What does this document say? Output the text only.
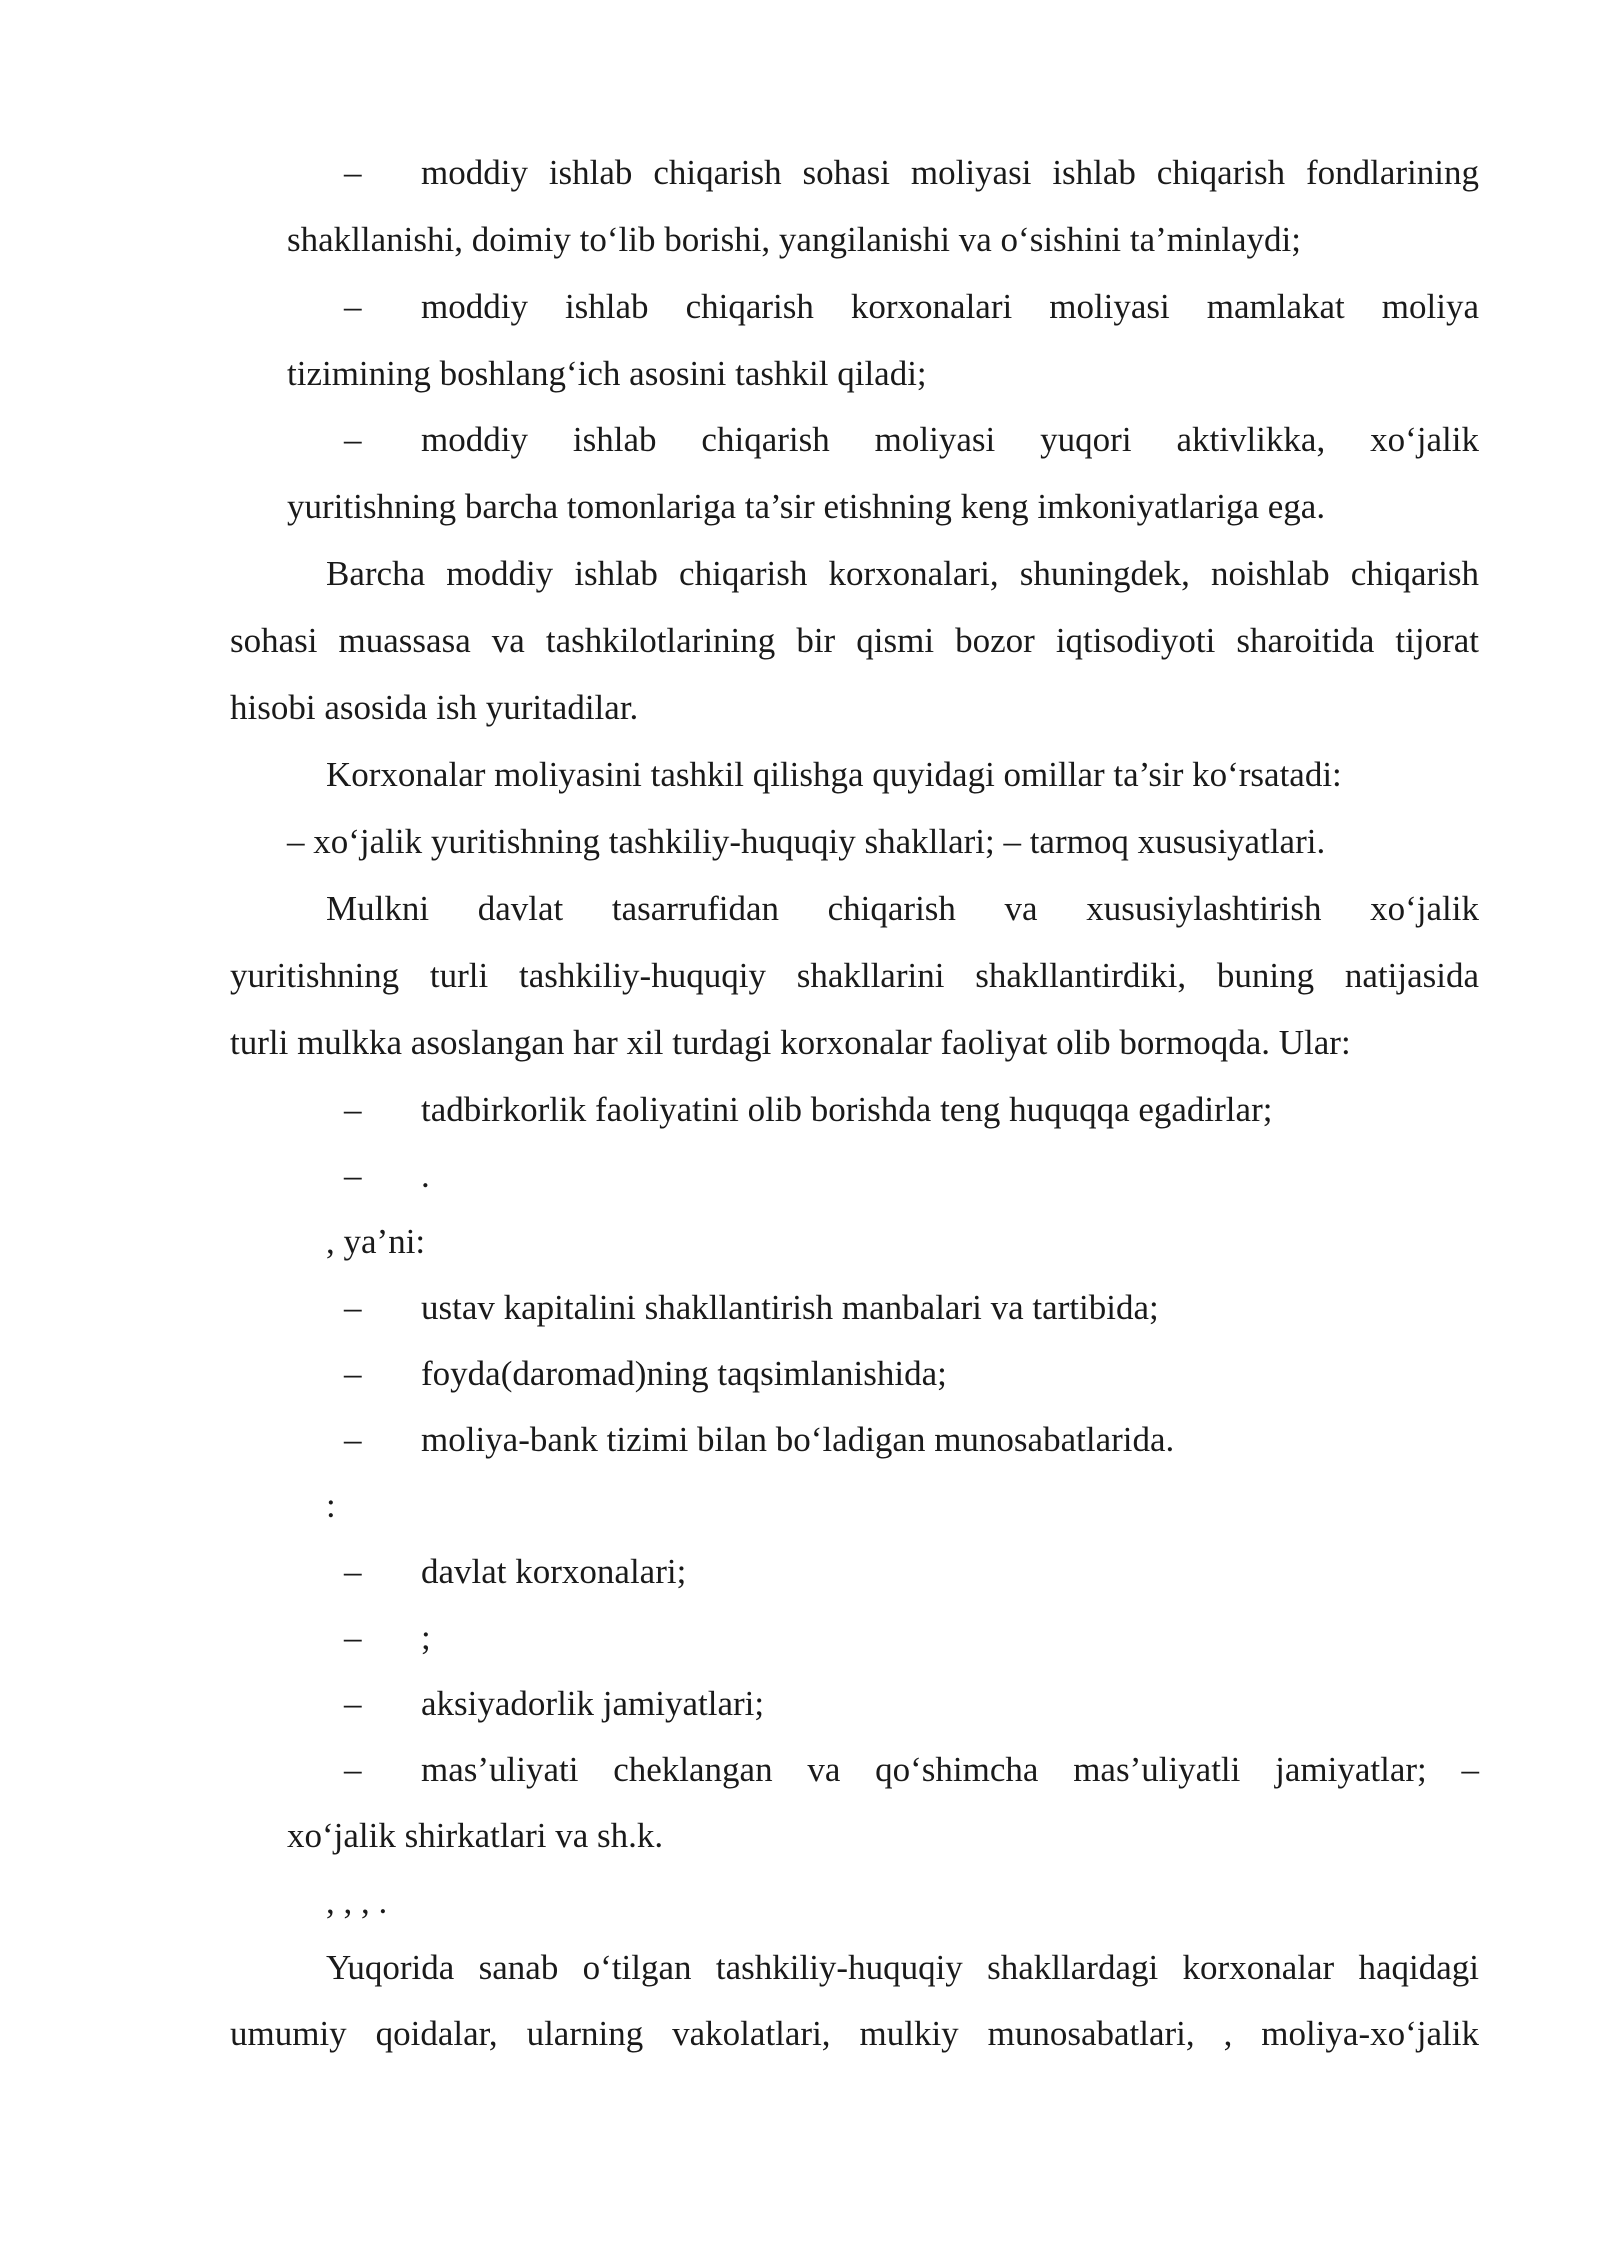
– moddiy ishlab chiqarish sohasi moliyasi ishlab chiqarish fondlarining
shakllanishi, doimiy to‘lib borishi, yangilanishi va o‘sishini ta’minlaydi;
– moddiy ishlab chiqarish korxonalari moliyasi mamlakat moliya
tizimining boshlang‘ich asosini tashkil qiladi;
– moddiy ishlab chiqarish moliyasi yuqori aktivlikka, xo‘jalik
yuritishning barcha tomonlariga ta’sir etishning keng imkoniyatlariga ega.
Barcha moddiy ishlab chiqarish korxonalari, shuningdek, noishlab chiqarish
sohasi muassasa va tashkilotlarining bir qismi bozor iqtisodiyoti sharoitida tijorat
hisobi asosida ish yuritadilar.
Korxonalar moliyasini tashkil qilishga quyidagi omillar ta’sir ko‘rsatadi:
– xo‘jalik yuritishning tashkiliy-huquqiy shakllari; – tarmoq xususiyatlari.
Mulkni davlat tasarrufidan chiqarish va xususiylashtirish xo‘jalik
yuritishning turli tashkiliy-huquqiy shakllarini shakllantirdiki, buning natijasida
turli mulkka asoslangan har xil turdagi korxonalar faoliyat olib bormoqda. Ular:
– tadbirkorlik faoliyatini olib borishda teng huquqqa egadirlar;
– .
, ya’ni:
– ustav kapitalini shakllantirish manbalari va tartibida;
– foyda(daromad)ning taqsimlanishida;
– moliya-bank tizimi bilan bo‘ladigan munosabatlarida.
:
– davlat korxonalari;
– ;
– aksiyadorlik jamiyatlari;
– mas’uliyati cheklangan va qo‘shimcha mas’uliyatli jamiyatlar; –
xo‘jalik shirkatlari va sh.k.
, , , .
Yuqorida sanab o‘tilgan tashkiliy-huquqiy shakllardagi korxonalar haqidagi
umumiy qoidalar, ularning vakolatlari, mulkiy munosabatlari, , moliya-xo‘jalik
